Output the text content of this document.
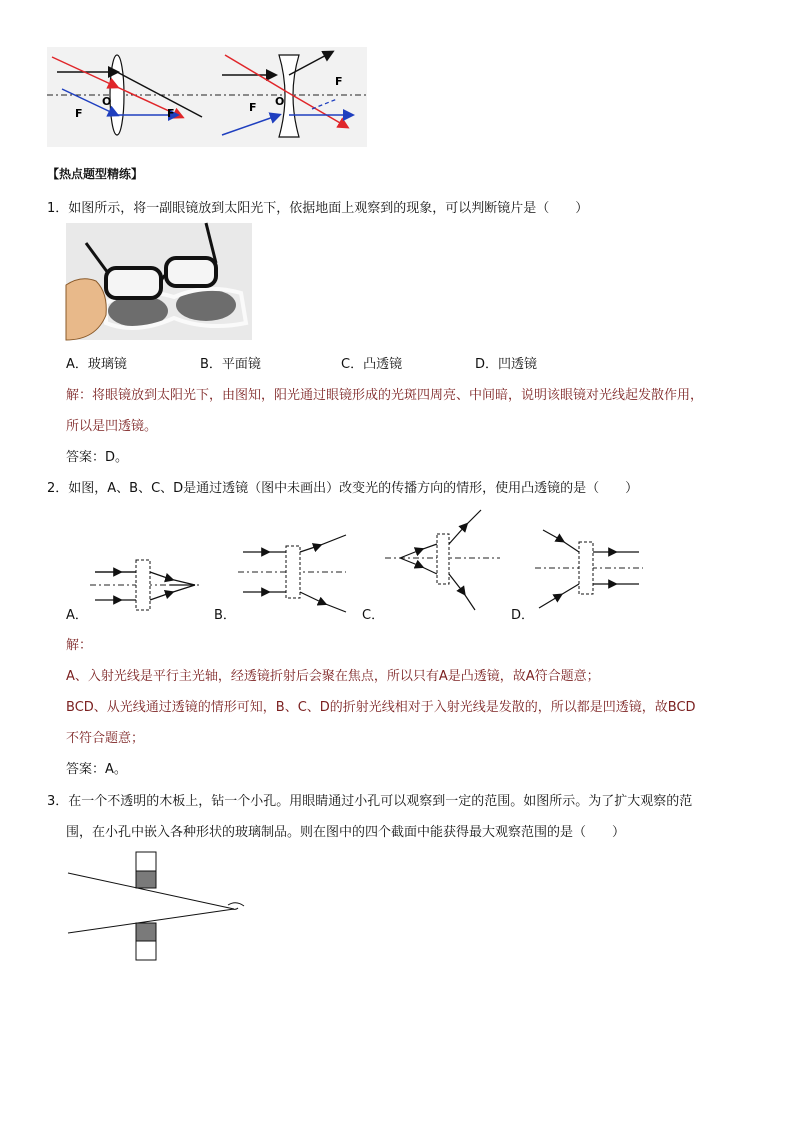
O
F	F
O
F
F
【热点题型精练】
1．如图所示，将一副眼镜放到太阳光下，依据地面上观察到的现象，可以判断镜片是（　　）
A．玻璃镜	B．平面镜	C．凸透镜	D．凹透镜
解：将眼镜放到太阳光下，由图知，阳光通过眼镜形成的光斑四周亮、中间暗，说明该眼镜对光线起发散作用，
所以是凹透镜。
答案：D。
2．如图，A、B、C、D是通过透镜（图中未画出）改变光的传播方向的情形，使用凸透镜的是（　　）
A．	B．	C．	D．
解：
A、入射光线是平行主光轴，经透镜折射后会聚在焦点，所以只有A是凸透镜，故A符合题意；
BCD、从光线通过透镜的情形可知，B、C、D的折射光线相对于入射光线是发散的，所以都是凹透镜，故BCD
不符合题意；
答案：A。
3．在一个不透明的木板上，钻一个小孔。用眼睛通过小孔可以观察到一定的范围。如图所示。为了扩大观察的范
围，在小孔中嵌入各种形状的玻璃制品。则在图中的四个截面中能获得最大观察范围的是（　　）
